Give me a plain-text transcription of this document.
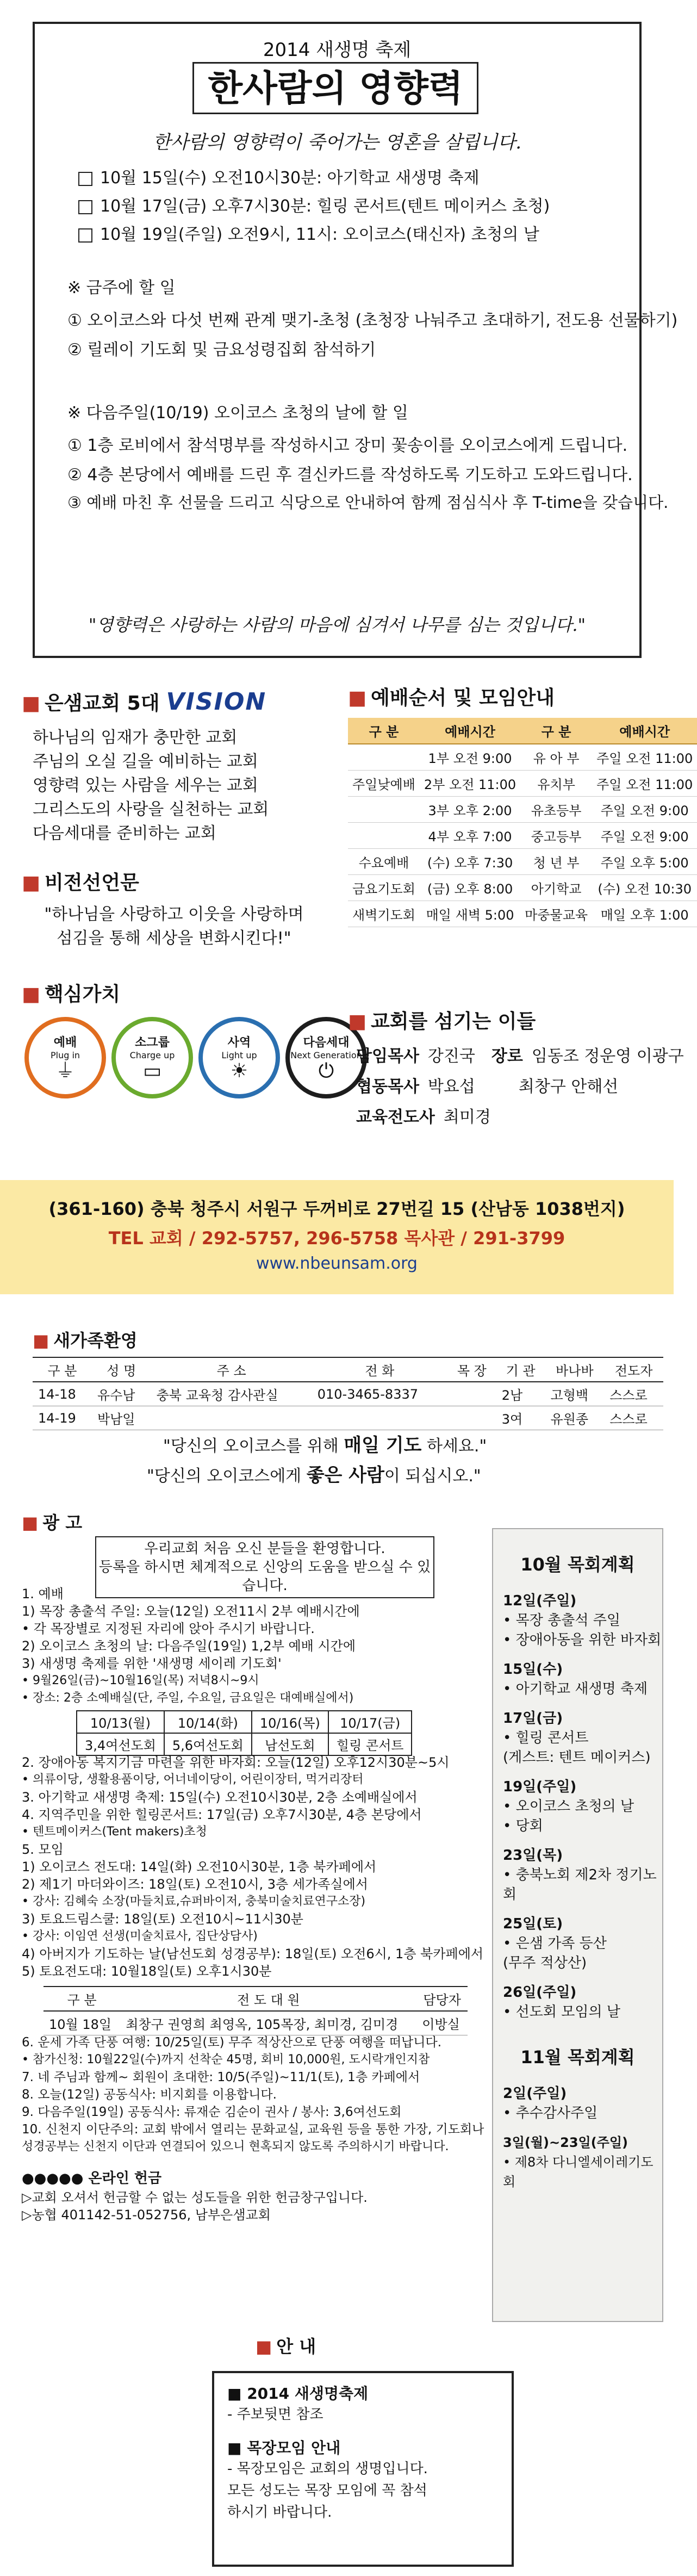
2014 새생명 축제
한사람의 영향력
한사람의 영향력이 죽어가는 영혼을 살립니다.
10월 15일(수) 오전10시30분: 아기학교 새생명 축제
10월 17일(금) 오후7시30분: 힐링 콘서트(텐트 메이커스 초청)
10월 19일(주일) 오전9시, 11시: 오이코스(태신자) 초청의 날
※ 금주에 할 일
① 오이코스와 다섯 번째 관계 맺기-초청 (초청장 나눠주고 초대하기, 전도용 선물하기)
② 릴레이 기도회 및 금요성령집회 참석하기
※ 다음주일(10/19) 오이코스 초청의 날에 할 일
① 1층 로비에서 참석명부를 작성하시고 장미 꽃송이를 오이코스에게 드립니다.
② 4층 본당에서 예배를 드린 후 결신카드를 작성하도록 기도하고 도와드립니다.
③ 예배 마친 후 선물을 드리고 식당으로 안내하여 함께 점심식사 후 T-time을 갖습니다.
"영향력은 사랑하는 사람의 마음에 심겨서 나무를 심는 것입니다."
■ 은샘교회 5대 VISION
하나님의 임재가 충만한 교회
주님의 오실 길을 예비하는 교회
영향력 있는 사람을 세우는 교회
그리스도의 사랑을 실천하는 교회
다음세대를 준비하는 교회
■ 비전선언문
"하나님을 사랑하고 이웃을 사랑하며
섬김을 통해 세상을 변화시킨다!"
■ 핵심가치
예배
Plug in
⏚
소그룹
Charge up
▭
사역
Light up
☀
다음세대
Next Generation
⏻
■ 예배순서 및 모임안내
구 분	예배시간	구 분	예배시간
	1부 오전 9:00	유 아 부	주일 오전 11:00
주일낮예배	2부 오전 11:00	유치부	주일 오전 11:00
	3부 오후 2:00	유초등부	주일 오전 9:00
	4부 오후 7:00	중고등부	주일 오전 9:00
수요예배	(수) 오후 7:30	청 년 부	주일 오후 5:00
금요기도회	(금) 오후 8:00	아기학교	(수) 오전 10:30
새벽기도회	매일 새벽 5:00	마중물교육	매일 오후 1:00
■ 교회를 섬기는 이들
담임목사 강진국 장로 임동조 정운영 이광구
협동목사 박요섭	최창구 안해선
교육전도사 최미경
(361-160) 충북 청주시 서원구 두꺼비로 27번길 15 (산남동 1038번지)
TEL 교회 / 292-5757, 296-5758 목사관 / 291-3799
www.nbeunsam.org
■ 새가족환영
구 분	성 명	주 소	전 화	목 장	기 관	바나바	전도자
14-18	유수남	충북 교육청 감사관실	010-3465-8337		2남	고형백	스스로
14-19	박남일				3여	유원종	스스로
"당신의 오이코스를 위해 매일 기도 하세요."
"당신의 오이코스에게 좋은 사람이 되십시오."
■ 광 고
우리교회 처음 오신 분들을 환영합니다.
등록을 하시면 체계적으로 신앙의 도움을 받으실 수 있습니다.
1. 예배
1) 목장 총출석 주일: 오늘(12일) 오전11시 2부 예배시간에
• 각 목장별로 지정된 자리에 앉아 주시기 바랍니다.
2) 오이코스 초청의 날: 다음주일(19일) 1,2부 예배 시간에
3) 새생명 축제를 위한 '새생명 세이레 기도회'
• 9월26일(금)~10월16일(목) 저녁8시~9시
• 장소: 2층 소예배실(단, 주일, 수요일, 금요일은 대예배실에서)
10/13(월)	10/14(화)	10/16(목)	10/17(금)
3,4여선도회	5,6여선도회	남선도회	힐링 콘서트
2. 장애아동 복지기금 마련을 위한 바자회: 오늘(12일) 오후12시30분~5시
• 의류이당, 생활용품이당, 어너네이당이, 어린이장터, 먹거리장터
3. 아기학교 새생명 축제: 15일(수) 오전10시30분, 2층 소예배실에서
4. 지역주민을 위한 힐링콘서트: 17일(금) 오후7시30분, 4층 본당에서
• 텐트메이커스(Tent makers)초청
5. 모임
1) 오이코스 전도대: 14일(화) 오전10시30분, 1층 북카페에서
2) 제1기 마더와이즈: 18일(토) 오전10시, 3층 세가족실에서
• 강사: 김혜숙 소장(마들치료,슈퍼바이저, 충북미술치료연구소장)
3) 토요드림스쿨: 18일(토) 오전10시~11시30분
• 강사: 이임연 선생(미술치료사, 집단상담사)
4) 아버지가 기도하는 날(남선도회 성경공부): 18일(토) 오전6시, 1층 북카페에서
5) 토요전도대: 10월18일(토) 오후1시30분
구 분	전 도 대 원	담당자
10월 18일	최창구 권영희 최영옥, 105목장, 최미경, 김미경	이방실
6. 운세 가족 단풍 여행: 10/25일(토) 무주 적상산으로 단풍 여행을 떠납니다.
• 참가신청: 10월22일(수)까지 선착순 45명, 회비 10,000원, 도시락개인지참
7. 네 주님과 함께~ 회원이 초대한: 10/5(주일)~11/1(토), 1층 카페에서
8. 오늘(12일) 공동식사: 비지회를 이용합니다.
9. 다음주일(19일) 공동식사: 류재순 김순이 권사 / 봉사: 3,6여선도회
10. 신천지 이단주의: 교회 밖에서 열리는 문화교실, 교육원 등을 통한 가장, 기도회나
성경공부는 신천지 이단과 연결되어 있으니 현혹되지 않도록 주의하시기 바랍니다.
●●●●● 온라인 헌금
▷교회 오셔서 헌금할 수 없는 성도들을 위한 헌금창구입니다.
▷농협 401142-51-052756, 남부은샘교회
10월 목회계획
12일(주일)
• 목장 총출석 주일
• 장애아동을 위한 바자회
15일(수)
• 아기학교 새생명 축제
17일(금)
• 힐링 콘서트
(게스트: 텐트 메이커스)
19일(주일)
• 오이코스 초청의 날
• 당회
23일(목)
• 충북노회 제2차 정기노회
25일(토)
• 은샘 가족 등산
(무주 적상산)
26일(주일)
• 선도회 모임의 날
11월 목회계획
2일(주일)
• 추수감사주일
3일(월)~23일(주일)
• 제8차 다니엘세이레기도회
■ 안 내
■ 2014 새생명축제
- 주보뒷면 참조
■ 목장모임 안내
- 목장모임은 교회의 생명입니다.
모든 성도는 목장 모임에 꼭 참석
하시기 바랍니다.
